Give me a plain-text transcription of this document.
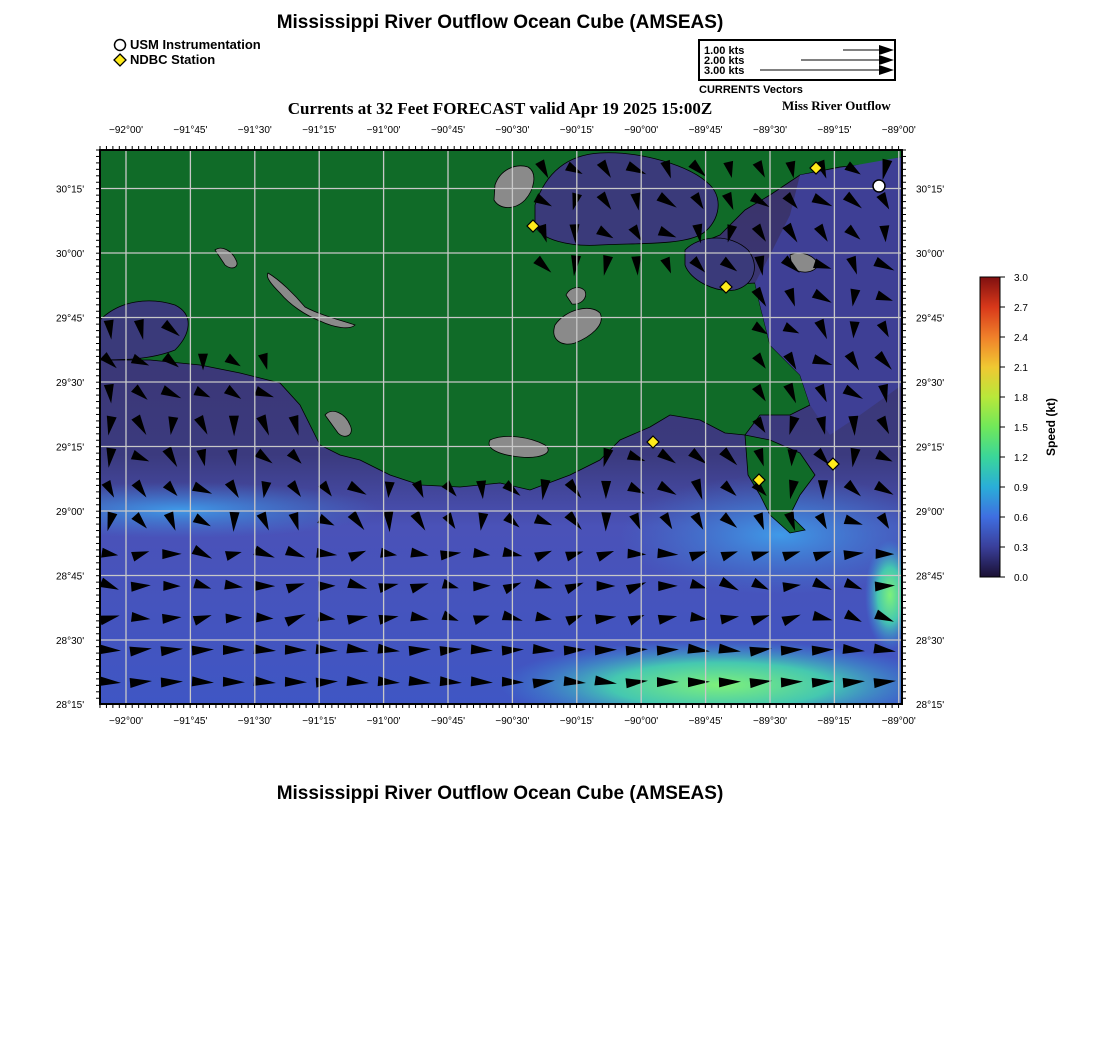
Mississippi River Outflow Ocean Cube (AMSEAS)
USM Instrumentation
NDBC Station
1.00 kts
2.00 kts
3.00 kts
CURRENTS Vectors
Currents at 32 Feet FORECAST valid Apr 19 2025 15:00Z	Miss River Outflow
−92°00'
−92°00'
−91°45'
−91°45'
−91°30'
−91°30'
−91°15'
−91°15'
−91°00'
−91°00'
−90°45'
−90°45'
−90°30'
−90°30'
−90°15'
−90°15'
−90°00'
−90°00'
−89°45'
−89°45'
−89°30'
−89°30'
−89°15'
−89°15'
−89°00'
−89°00'
30°15'	30°15'
30°00'	30°00'
29°45'	29°45'
29°30'	29°30'
29°15'	29°15'
29°00'	29°00'
28°45'	28°45'
28°30'	28°30'
28°15'	28°15'
3.0
2.7
2.4
2.1
1.8
1.5
1.2
0.9
0.6
0.3
0.0
Speed (kt)
Mississippi River Outflow Ocean Cube (AMSEAS)
